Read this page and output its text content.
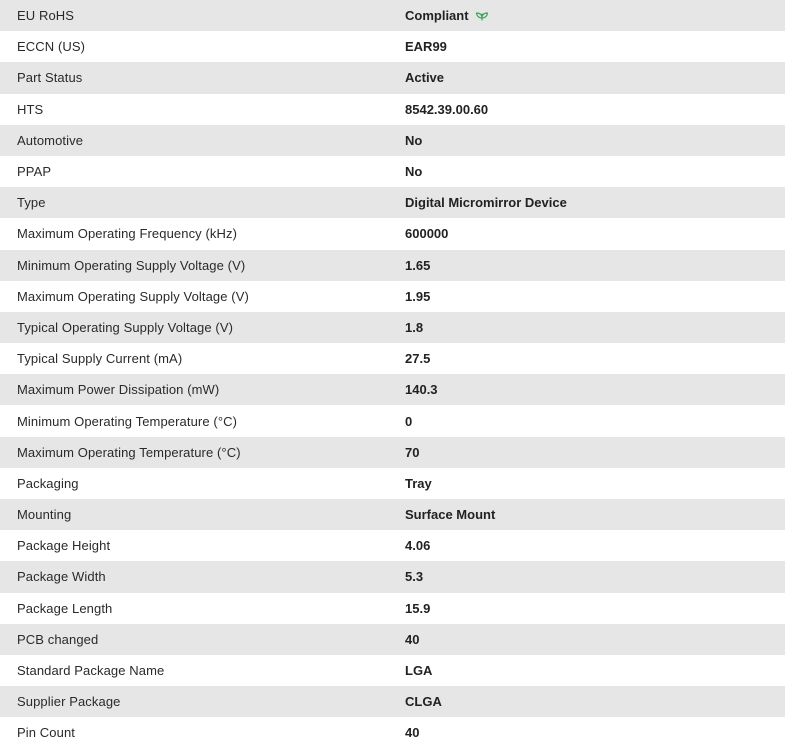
EU RoHS	Compliant
ECCN (US)	EAR99
Part Status	Active
HTS	8542.39.00.60
Automotive	No
PPAP	No
Type	Digital Micromirror Device
Maximum Operating Frequency (kHz)	600000
Minimum Operating Supply Voltage (V)	1.65
Maximum Operating Supply Voltage (V)	1.95
Typical Operating Supply Voltage (V)	1.8
Typical Supply Current (mA)	27.5
Maximum Power Dissipation (mW)	140.3
Minimum Operating Temperature (°C)	0
Maximum Operating Temperature (°C)	70
Packaging	Tray
Mounting	Surface Mount
Package Height	4.06
Package Width	5.3
Package Length	15.9
PCB changed	40
Standard Package Name	LGA
Supplier Package	CLGA
Pin Count	40
